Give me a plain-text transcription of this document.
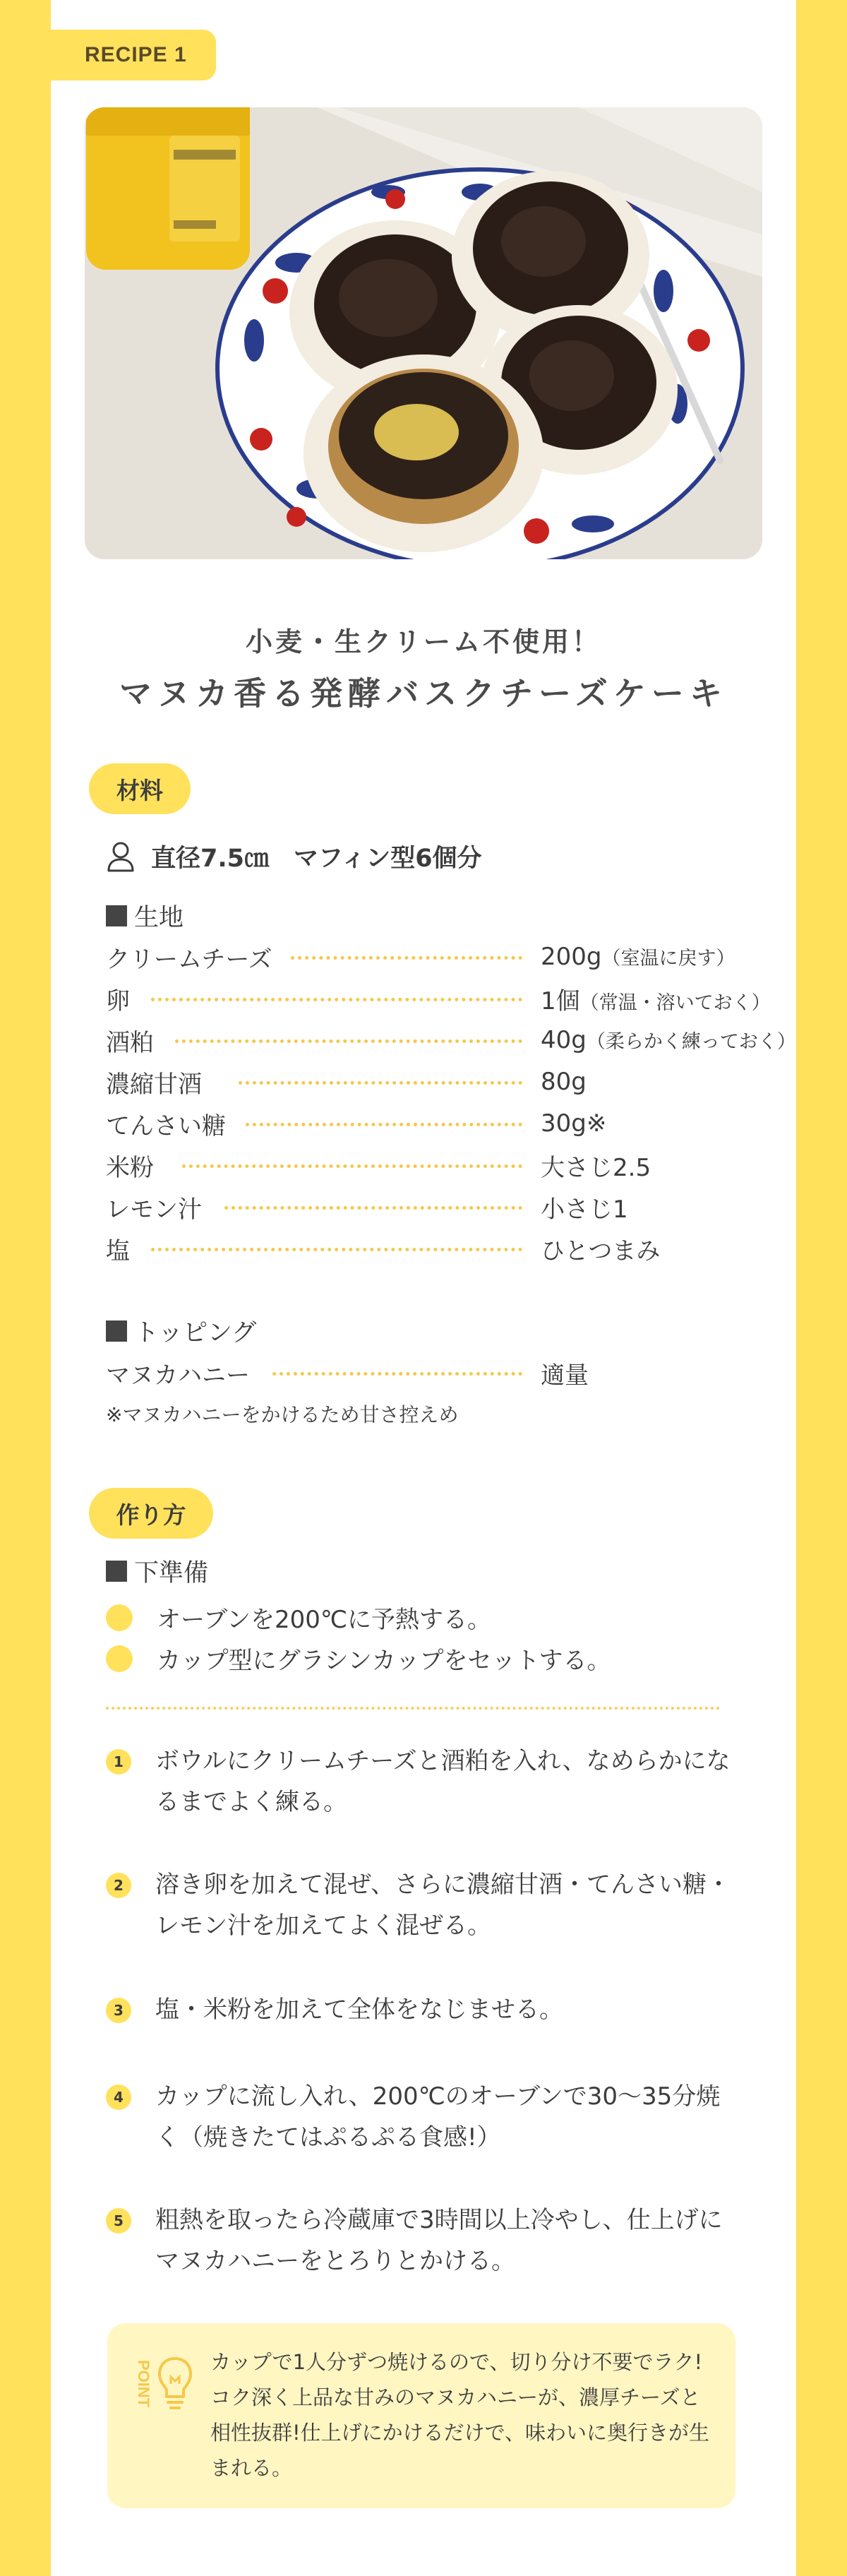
RECIPE 1
小麦・生クリーム不使用！
マヌカ香る発酵バスクチーズケーキ
材料
直径7.5㎝　マフィン型6個分
生地
クリームチーズ	200g（室温に戻す）
卵	1個（常温・溶いておく）
酒粕	40g（柔らかく練っておく）
濃縮甘酒	80g
てんさい糖	30g※
米粉	大さじ2.5
レモン汁	小さじ1
塩	ひとつまみ
トッピング
マヌカハニー	適量
※マヌカハニーをかけるため甘さ控えめ
作り方
下準備
オーブンを200℃に予熱する。
カップ型にグラシンカップをセットする。
1	ボウルにクリームチーズと酒粕を入れ、なめらかになるまでよく練る。
2	溶き卵を加えて混ぜ、さらに濃縮甘酒・てんさい糖・レモン汁を加えてよく混ぜる。
3	塩・米粉を加えて全体をなじませる。
4	カップに流し入れ、200℃のオーブンで30〜35分焼く（焼きたてはぷるぷる食感!）
5	粗熱を取ったら冷蔵庫で3時間以上冷やし、仕上げにマヌカハニーをとろりとかける。
POINT	カップで1人分ずつ焼けるので、切り分け不要でラク! コク深く上品な甘みのマヌカハニーが、濃厚チーズと相性抜群!仕上げにかけるだけで、味わいに奥行きが生まれる。
